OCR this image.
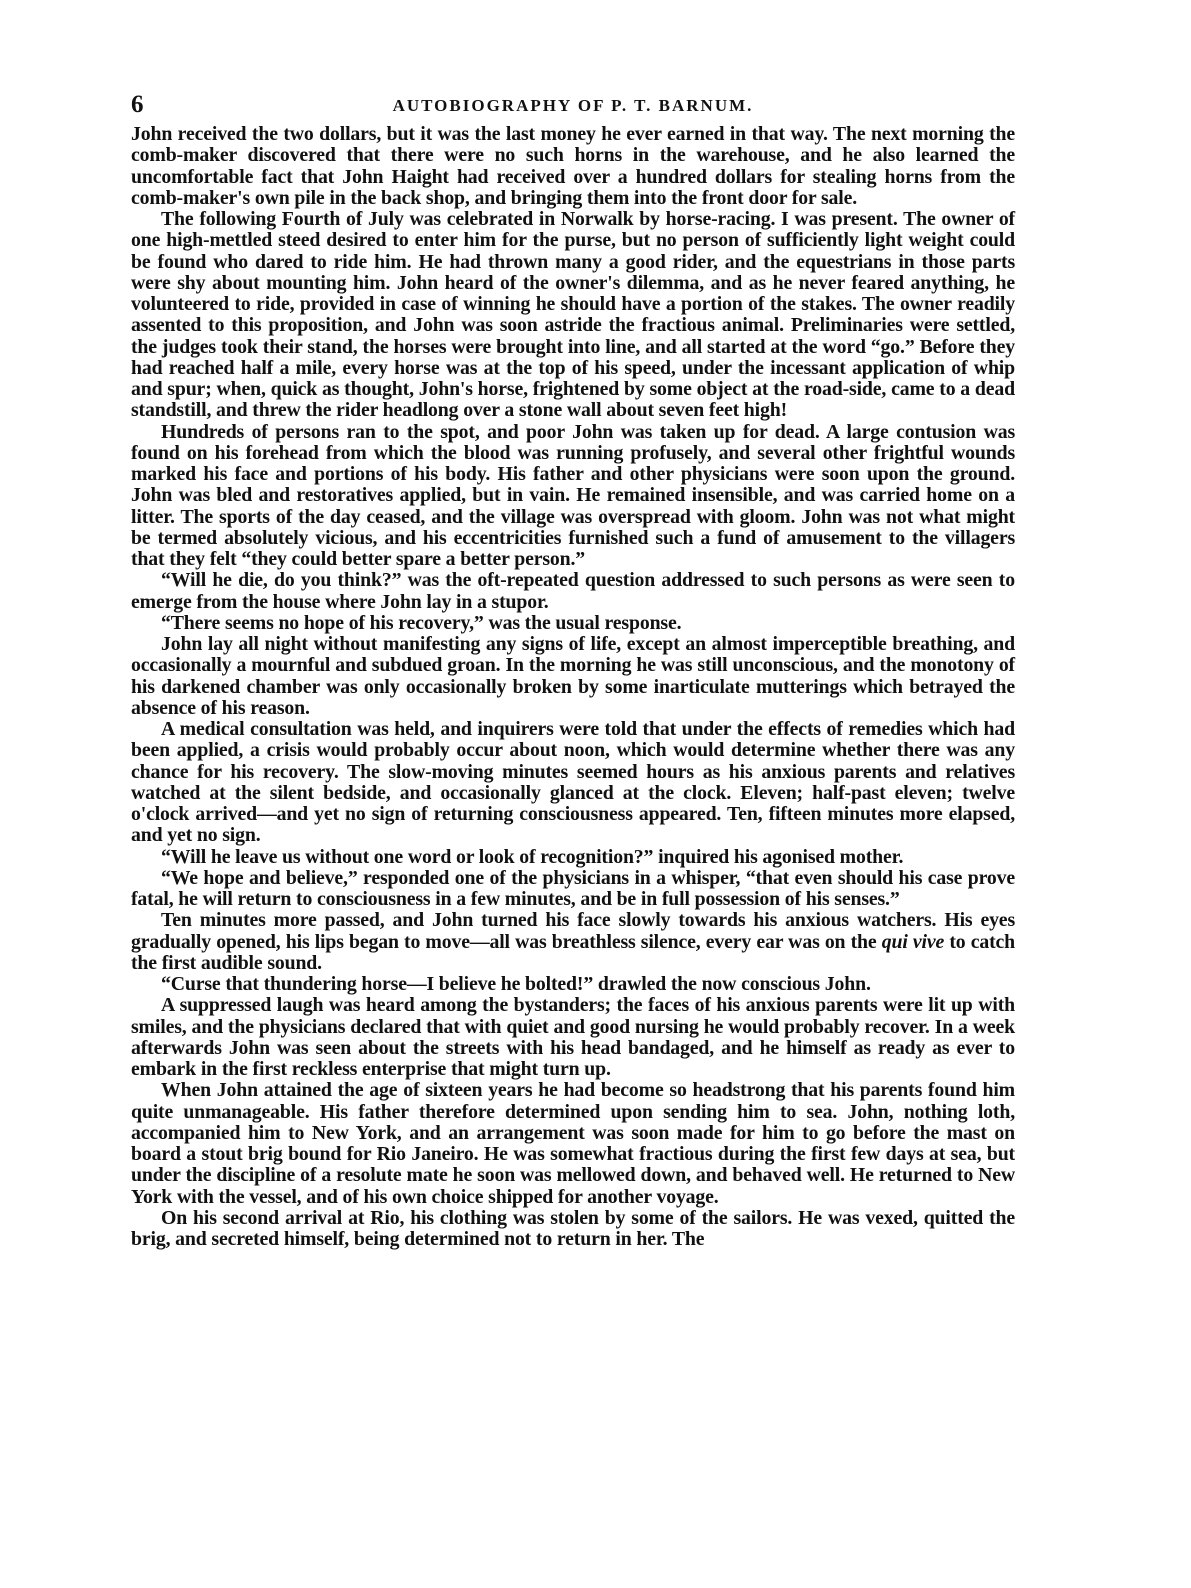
6	AUTOBIOGRAPHY OF P. T. BARNUM.

John received the two dollars, but it was the last money he ever earned in that way. The next morning the comb-maker discovered that there were no such horns in the warehouse, and he also learned the uncomfortable fact that John Haight had received over a hundred dollars for stealing horns from the comb-maker's own pile in the back shop, and bringing them into the front door for sale.

The following Fourth of July was celebrated in Norwalk by horse-racing. I was present. The owner of one high-mettled steed desired to enter him for the purse, but no person of sufficiently light weight could be found who dared to ride him. He had thrown many a good rider, and the equestrians in those parts were shy about mounting him. John heard of the owner's dilemma, and as he never feared anything, he volunteered to ride, provided in case of winning he should have a portion of the stakes. The owner readily assented to this proposition, and John was soon astride the fractious animal. Preliminaries were settled, the judges took their stand, the horses were brought into line, and all started at the word “go.” Before they had reached half a mile, every horse was at the top of his speed, under the incessant application of whip and spur; when, quick as thought, John's horse, frightened by some object at the road-side, came to a dead standstill, and threw the rider headlong over a stone wall about seven feet high!

Hundreds of persons ran to the spot, and poor John was taken up for dead. A large contusion was found on his forehead from which the blood was running profusely, and several other frightful wounds marked his face and portions of his body. His father and other physicians were soon upon the ground. John was bled and restoratives applied, but in vain. He remained insensible, and was carried home on a litter. The sports of the day ceased, and the village was overspread with gloom. John was not what might be termed absolutely vicious, and his eccentricities furnished such a fund of amusement to the villagers that they felt “they could better spare a better person.”

“Will he die, do you think?” was the oft-repeated question addressed to such persons as were seen to emerge from the house where John lay in a stupor.

“There seems no hope of his recovery,” was the usual response.

John lay all night without manifesting any signs of life, except an almost imperceptible breathing, and occasionally a mournful and subdued groan. In the morning he was still unconscious, and the monotony of his darkened chamber was only occasionally broken by some inarticulate mutterings which betrayed the absence of his reason.

A medical consultation was held, and inquirers were told that under the effects of remedies which had been applied, a crisis would probably occur about noon, which would determine whether there was any chance for his recovery. The slow-moving minutes seemed hours as his anxious parents and relatives watched at the silent bedside, and occasionally glanced at the clock. Eleven; half-past eleven; twelve o'clock arrived—and yet no sign of returning consciousness appeared. Ten, fifteen minutes more elapsed, and yet no sign.

“Will he leave us without one word or look of recognition?” inquired his agonised mother.

“We hope and believe,” responded one of the physicians in a whisper, “that even should his case prove fatal, he will return to consciousness in a few minutes, and be in full possession of his senses.”

Ten minutes more passed, and John turned his face slowly towards his anxious watchers. His eyes gradually opened, his lips began to move—all was breathless silence, every ear was on the qui vive to catch the first audible sound.

“Curse that thundering horse—I believe he bolted!” drawled the now conscious John.

A suppressed laugh was heard among the bystanders; the faces of his anxious parents were lit up with smiles, and the physicians declared that with quiet and good nursing he would probably recover. In a week afterwards John was seen about the streets with his head bandaged, and he himself as ready as ever to embark in the first reckless enterprise that might turn up.

When John attained the age of sixteen years he had become so headstrong that his parents found him quite unmanageable. His father therefore determined upon sending him to sea. John, nothing loth, accompanied him to New York, and an arrangement was soon made for him to go before the mast on board a stout brig bound for Rio Janeiro. He was somewhat fractious during the first few days at sea, but under the discipline of a resolute mate he soon was mellowed down, and behaved well. He returned to New York with the vessel, and of his own choice shipped for another voyage.

On his second arrival at Rio, his clothing was stolen by some of the sailors. He was vexed, quitted the brig, and secreted himself, being determined not to return in her. The
